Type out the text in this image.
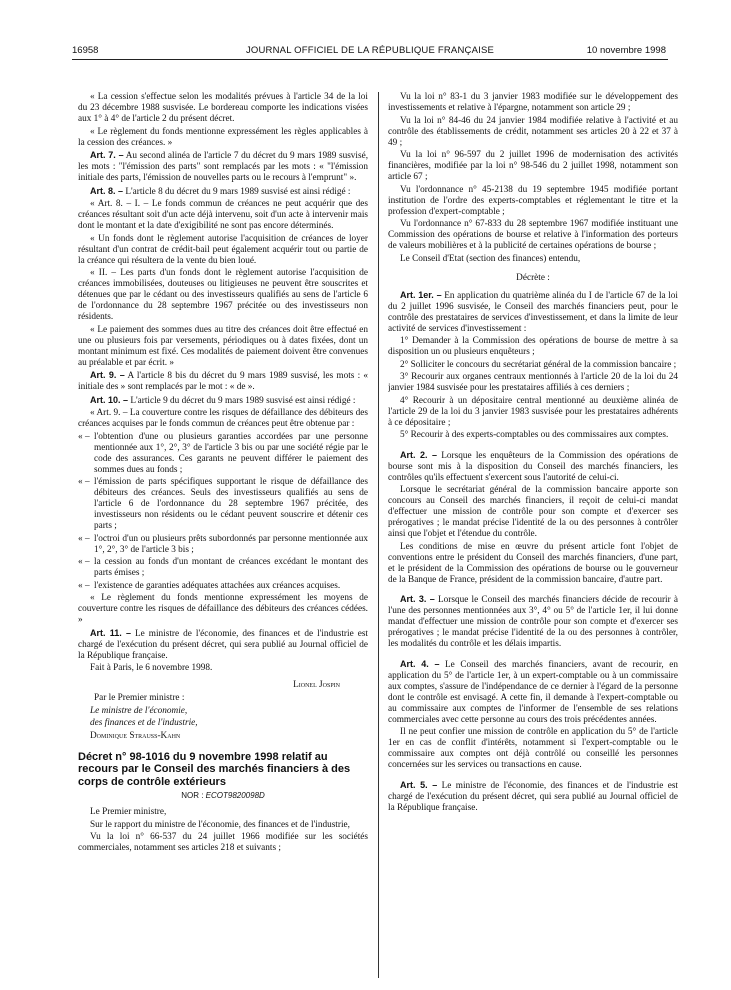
16958	JOURNAL OFFICIEL DE LA RÉPUBLIQUE FRANÇAISE	10 novembre 1998

« La cession s'effectue selon les modalités prévues à l'article 34 de la loi du 23 décembre 1988 susvisée. Le bordereau comporte les indications visées aux 1° à 4° de l'article 2 du présent décret.

« Le règlement du fonds mentionne expressément les règles applicables à la cession des créances. »

Art. 7. – Au second alinéa de l'article 7 du décret du 9 mars 1989 susvisé, les mots : "l'émission des parts" sont remplacés par les mots : « "l'émission initiale des parts, l'émission de nouvelles parts ou le recours à l'emprunt" ».

Art. 8. – L'article 8 du décret du 9 mars 1989 susvisé est ainsi rédigé :

« Art. 8. – I. – Le fonds commun de créances ne peut acquérir que des créances résultant soit d'un acte déjà intervenu, soit d'un acte à intervenir mais dont le montant et la date d'exigibilité ne sont pas encore déterminés.

« Un fonds dont le règlement autorise l'acquisition de créances de loyer résultant d'un contrat de crédit-bail peut également acquérir tout ou partie de la créance qui résultera de la vente du bien loué.

« II. – Les parts d'un fonds dont le règlement autorise l'acquisition de créances immobilisées, douteuses ou litigieuses ne peuvent être souscrites et détenues que par le cédant ou des investisseurs qualifiés au sens de l'article 6 de l'ordonnance du 28 septembre 1967 précitée ou des investisseurs non résidents.

« Le paiement des sommes dues au titre des créances doit être effectué en une ou plusieurs fois par versements, périodiques ou à dates fixées, dont un montant minimum est fixé. Ces modalités de paiement doivent être convenues au préalable et par écrit. »

Art. 9. – A l'article 8 bis du décret du 9 mars 1989 susvisé, les mots : « initiale des » sont remplacés par le mot : « de ».

Art. 10. – L'article 9 du décret du 9 mars 1989 susvisé est ainsi rédigé :

« Art. 9. – La couverture contre les risques de défaillance des débiteurs des créances acquises par le fonds commun de créances peut être obtenue par :

« – l'obtention d'une ou plusieurs garanties accordées par une personne mentionnée aux 1°, 2°, 3° de l'article 3 bis ou par une société régie par le code des assurances. Ces garants ne peuvent différer le paiement des sommes dues au fonds ;

« – l'émission de parts spécifiques supportant le risque de défaillance des débiteurs des créances. Seuls des investisseurs qualifiés au sens de l'article 6 de l'ordonnance du 28 septembre 1967 précitée, des investisseurs non résidents ou le cédant peuvent souscrire et détenir ces parts ;

« – l'octroi d'un ou plusieurs prêts subordonnés par personne mentionnée aux 1°, 2°, 3° de l'article 3 bis ;

« – la cession au fonds d'un montant de créances excédant le montant des parts émises ;

« – l'existence de garanties adéquates attachées aux créances acquises.

« Le règlement du fonds mentionne expressément les moyens de couverture contre les risques de défaillance des débiteurs des créances cédées. »

Art. 11. – Le ministre de l'économie, des finances et de l'industrie est chargé de l'exécution du présent décret, qui sera publié au Journal officiel de la République française.

Fait à Paris, le 6 novembre 1998.

Lionel Jospin

Par le Premier ministre :

Le ministre de l'économie,

des finances et de l'industrie,

Dominique Strauss-Kahn

Décret n° 98-1016 du 9 novembre 1998 relatif au recours par le Conseil des marchés financiers à des corps de contrôle extérieurs

NOR : ECOT9820098D

Le Premier ministre,

Sur le rapport du ministre de l'économie, des finances et de l'industrie,

Vu la loi n° 66-537 du 24 juillet 1966 modifiée sur les sociétés commerciales, notamment ses articles 218 et suivants ;

Vu la loi n° 83-1 du 3 janvier 1983 modifiée sur le développement des investissements et relative à l'épargne, notamment son article 29 ;

Vu la loi n° 84-46 du 24 janvier 1984 modifiée relative à l'activité et au contrôle des établissements de crédit, notamment ses articles 20 à 22 et 37 à 49 ;

Vu la loi n° 96-597 du 2 juillet 1996 de modernisation des activités financières, modifiée par la loi n° 98-546 du 2 juillet 1998, notamment son article 67 ;

Vu l'ordonnance n° 45-2138 du 19 septembre 1945 modifiée portant institution de l'ordre des experts-comptables et réglementant le titre et la profession d'expert-comptable ;

Vu l'ordonnance n° 67-833 du 28 septembre 1967 modifiée instituant une Commission des opérations de bourse et relative à l'information des porteurs de valeurs mobilières et à la publicité de certaines opérations de bourse ;

Le Conseil d'Etat (section des finances) entendu,

Décrète :

Art. 1er. – En application du quatrième alinéa du I de l'article 67 de la loi du 2 juillet 1996 susvisée, le Conseil des marchés financiers peut, pour le contrôle des prestataires de services d'investissement, et dans la limite de leur activité de services d'investissement :

1° Demander à la Commission des opérations de bourse de mettre à sa disposition un ou plusieurs enquêteurs ;

2° Solliciter le concours du secrétariat général de la commission bancaire ;

3° Recourir aux organes centraux mentionnés à l'article 20 de la loi du 24 janvier 1984 susvisée pour les prestataires affiliés à ces derniers ;

4° Recourir à un dépositaire central mentionné au deuxième alinéa de l'article 29 de la loi du 3 janvier 1983 susvisée pour les prestataires adhérents à ce dépositaire ;

5° Recourir à des experts-comptables ou des commissaires aux comptes.

Art. 2. – Lorsque les enquêteurs de la Commission des opérations de bourse sont mis à la disposition du Conseil des marchés financiers, les contrôles qu'ils effectuent s'exercent sous l'autorité de celui-ci.

Lorsque le secrétariat général de la commission bancaire apporte son concours au Conseil des marchés financiers, il reçoit de celui-ci mandat d'effectuer une mission de contrôle pour son compte et d'exercer ses prérogatives ; le mandat précise l'identité de la ou des personnes à contrôler ainsi que l'objet et l'étendue du contrôle.

Les conditions de mise en œuvre du présent article font l'objet de conventions entre le président du Conseil des marchés financiers, d'une part, et le président de la Commission des opérations de bourse ou le gouverneur de la Banque de France, président de la commission bancaire, d'autre part.

Art. 3. – Lorsque le Conseil des marchés financiers décide de recourir à l'une des personnes mentionnées aux 3°, 4° ou 5° de l'article 1er, il lui donne mandat d'effectuer une mission de contrôle pour son compte et d'exercer ses prérogatives ; le mandat précise l'identité de la ou des personnes à contrôler, les modalités du contrôle et les délais impartis.

Art. 4. – Le Conseil des marchés financiers, avant de recourir, en application du 5° de l'article 1er, à un expert-comptable ou à un commissaire aux comptes, s'assure de l'indépendance de ce dernier à l'égard de la personne dont le contrôle est envisagé. A cette fin, il demande à l'expert-comptable ou au commissaire aux comptes de l'informer de l'ensemble de ses relations commerciales avec cette personne au cours des trois précédentes années.

Il ne peut confier une mission de contrôle en application du 5° de l'article 1er en cas de conflit d'intérêts, notamment si l'expert-comptable ou le commissaire aux comptes ont déjà contrôlé ou conseillé les personnes concernées sur les services ou transactions en cause.

Art. 5. – Le ministre de l'économie, des finances et de l'industrie est chargé de l'exécution du présent décret, qui sera publié au Journal officiel de la République française.
